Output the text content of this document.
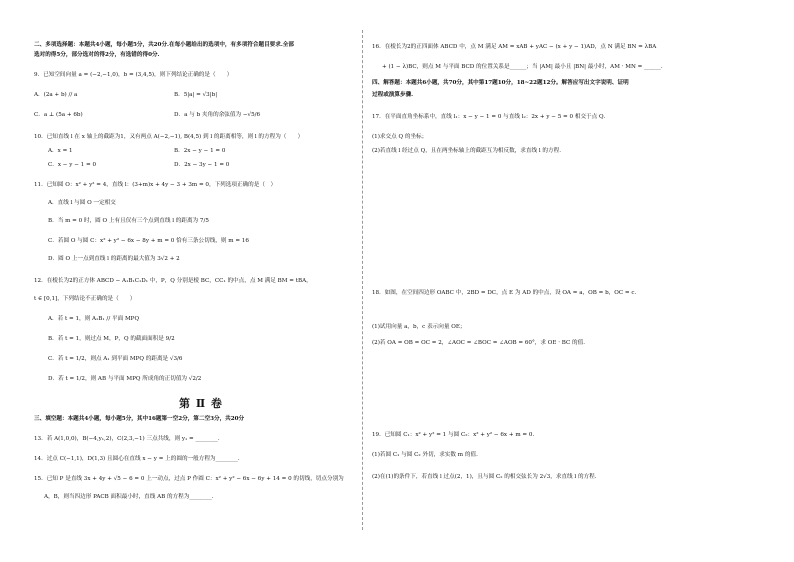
二、多项选择题：本题共4小题，每小题5分，共20分.在每小题给出的选项中，有多项符合题目要求.全部
选对的得5分，部分选对的得2分，有选错的得0分.
9．已知空间向量 a = (−2,−1,0)，b = (3,4,5)，则下列结论正确的是（　　）
A．(2a + b) // a	B．5|a| = √3|b|
C．a ⊥ (5a + 6b)	D．a 与 b 夹角的余弦值为 −√5/6
10．已知直线 l 在 x 轴上的截距为1，又有两点 A(−2,−1), B(4,5) 到 l 的距离相等，则 l 的方程为（　　）
A．x = 1	B．2x − y − 1 = 0
C．x − y − 1 = 0	D．2x − 3y − 1 = 0
11．已知圆 O：x² + y² = 4，直线 l：(3+m)x + 4y − 3 + 3m = 0，下列选项正确的是（　）
A．直线 l 与圆 O 一定相交
B．当 m = 0 时，圆 O 上有且仅有三个点到直线 l 的距离为 7/5
C．若圆 O 与圆 C：x² + y² − 6x − 8y + m = 0 恰有三条公切线，则 m = 16
D．圆 O 上一点到直线 l 的距离的最大值为 3√2 + 2
12．在棱长为2的正方体 ABCD − A₁B₁C₁D₁ 中，P，Q 分别是棱 BC，CC₁ 的中点，点 M 满足 BM = tBA，
t ∈ [0,1]，下列结论不正确的是（　　）
A．若 t = 1，则 A₁B₁ // 平面 MPQ
B．若 t = 1，则过点 M，P，Q 的截面面积是 9/2
C．若 t = 1/2，则点 A₁ 到平面 MPQ 的距离是 √3/6
D．若 t = 1/2，则 AB 与平面 MPQ 所成角的正切值为 √2/2
第 Ⅱ 卷
三、填空题：本题共4小题，每小题5分，其中16题第一空2分，第二空3分，共20分
13．若 A(1,0,0)，B(−4,y₁,2)，C(2,3,−1) 三点共线，则 y₁ = ________.
14．过点 C(−1,1)，D(1,3) 且圆心在直线 x − y = 上的圆的一般方程为________.
15．已知 P 是直线 3x + 4y + √5 − 6 = 0 上一动点，过点 P 作圆 C：x² + y² − 6x − 6y + 14 = 0 的切线，切点分别为
A，B，则当四边形 PACB 面积最小时，直线 AB 的方程为________.
16．在棱长为2的正四面体 ABCD 中，点 M 满足 AM = xAB + yAC − (x + y − 1)AD，点 N 满足 BN = λBA
+ (1 − λ)BC，则点 M 与平面 BCD 的位置关系是______；当 |AM| 最小且 |BN| 最小时，AM · MN = ______.
四、解答题：本题共6小题，共70分，其中第17题10分，18~22题12分。解答应写出文字说明、证明
过程或演算步骤.
17．在平面直角坐标系中，直线 l₁：x − y − 1 = 0 与直线 l₂：2x + y − 5 = 0 相交于点 Q.
(1)求交点 Q 的坐标；
(2)若直线 l 经过点 Q，且在两坐标轴上的截距互为相反数，求直线 l 的方程.
18．如图，在空间四边形 OABC 中，2BD = DC，点 E 为 AD 的中点，设 OA = a，OB = b，OC = c.
(1)试用向量 a，b，c 表示向量 OE；
(2)若 OA = OB = OC = 2，∠AOC = ∠BOC = ∠AOB = 60°，求 OE · BC 的值.
19．已知圆 C₁：x² + y² = 1 与圆 C₂：x² + y² − 6x + m = 0.
(1)若圆 C₁ 与圆 C₂ 外切，求实数 m 的值.
(2)在(1)的条件下，若直线 l 过点(2，1)，且与圆 C₂ 的相交弦长为 2√3，求直线 l 的方程.
